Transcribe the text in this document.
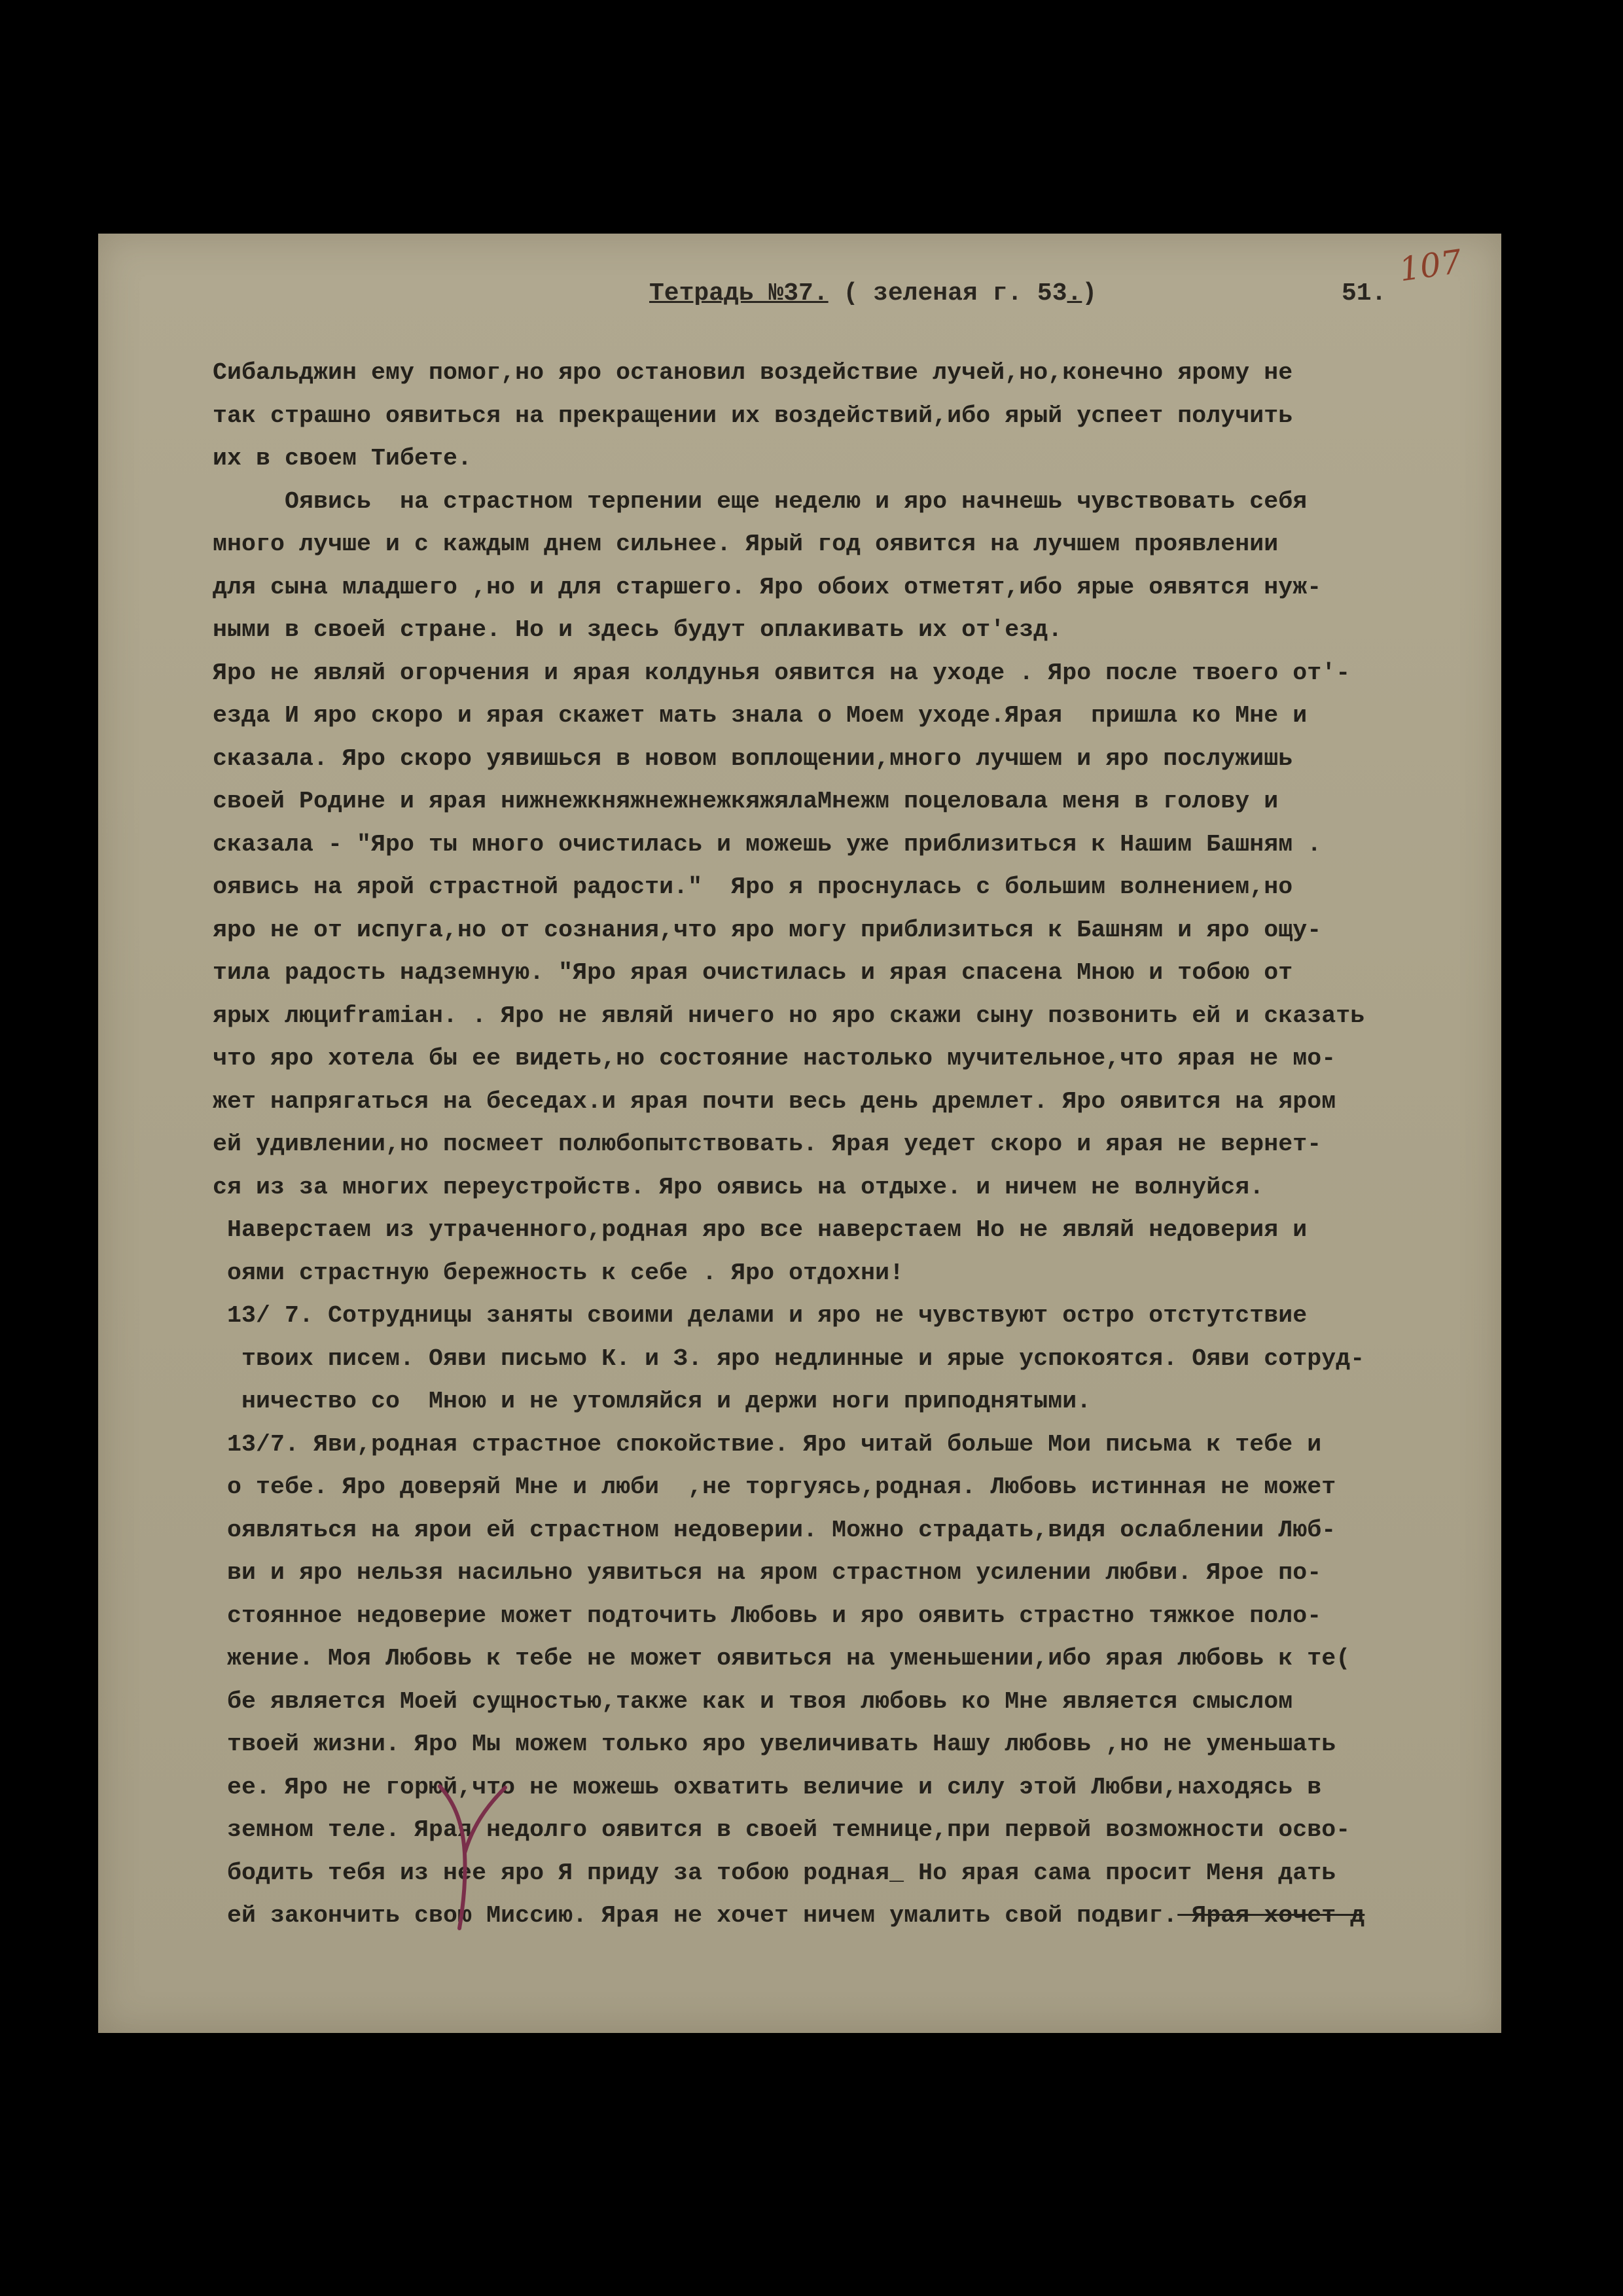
Тетрадь №37. ( зеленая г. 53.)	51.
107
Сибальджин ему помог,но яро остановил воздействие лучей,но,конечно ярому не
так страшно оявиться на прекращении их воздействий,ибо ярый успеет получить
их в своем Тибете.
Оявись  на страстном терпении еще неделю и яро начнешь чувствовать себя
много лучше и с каждым днем сильнее. Ярый год оявится на лучшем проявлении
для сына младшего ,но и для старшего. Яро обоих отметят,ибо ярые оявятся нуж-
ными в своей стране. Но и здесь будут оплакивать их от'езд.
Яро не являй огорчения и ярая колдунья оявится на уходе . Яро после твоего от'-
езда И яро скоро и ярая скажет мать знала о Моем уходе.Ярая  пришла ко Мне и
сказала. Яро скоро уявишься в новом воплощении,много лучшем и яро послужишь
своей Родине и ярая нижнежкняжнежнежкяжялаМнежм поцеловала меня в голову и
сказала - "Яро ты много очистилась и можешь уже приблизиться к Нашим Башням .
оявись на ярой страстной радости."  Яро я проснулась с большим волнением,но
яро не от испуга,но от сознания,что яро могу приблизиться к Башням и яро ощу-
тила радость надземную. "Яро ярая очистилась и ярая спасена Мною и тобою от
ярых люциframiан. . Яро не являй ничего но яро скажи сыну позвонить ей и сказать
что яро хотела бы ее видеть,но состояние настолько мучительное,что ярая не мо-
жет напрягаться на беседах.и ярая почти весь день дремлет. Яро оявится на яром
ей удивлении,но посмеет полюбопытствовать. Ярая уедет скоро и ярая не вернет-
ся из за многих переустройств. Яро оявись на отдыхе. и ничем не волнуйся.
Наверстаем из утраченного,родная яро все наверстаем Но не являй недоверия и
оями страстную бережность к себе . Яро отдохни!
13/ 7. Сотрудницы заняты своими делами и яро не чувствуют остро отстутствие
твоих писем. Ояви письмо К. и З. яро недлинные и ярые успокоятся. Ояви сотруд-
ничество со  Мною и не утомляйся и держи ноги приподнятыми.
13/7. Яви,родная страстное спокойствие. Яро читай больше Мои письма к тебе и
о тебе. Яро доверяй Мне и люби  ,не торгуясь,родная. Любовь истинная не может
оявляться на ярои ей страстном недоверии. Можно страдать,видя ослаблении Люб-
ви и яро нельзя насильно уявиться на яром страстном усилении любви. Ярое по-
стоянное недоверие может подточить Любовь и яро оявить страстно тяжкое поло-
жение. Моя Любовь к тебе не может оявиться на уменьшении,ибо ярая любовь к те(
бе является Моей сущностью,также как и твоя любовь ко Мне является смыслом
твоей жизни. Яро Мы можем только яро увеличивать Нашу любовь ,но не уменьшать
ее. Яро не горюй,что не можешь охватить величие и силу этой Любви,находясь в
земном теле. Ярая недолго оявится в своей темнице,при первой возможности осво-
бодить тебя из нее яро Я приду за тобою родная_ Но ярая сама просит Меня дать
ей закончить свою Миссию. Ярая не хочет ничем умалить свой подвиг. Ярая хочет д
